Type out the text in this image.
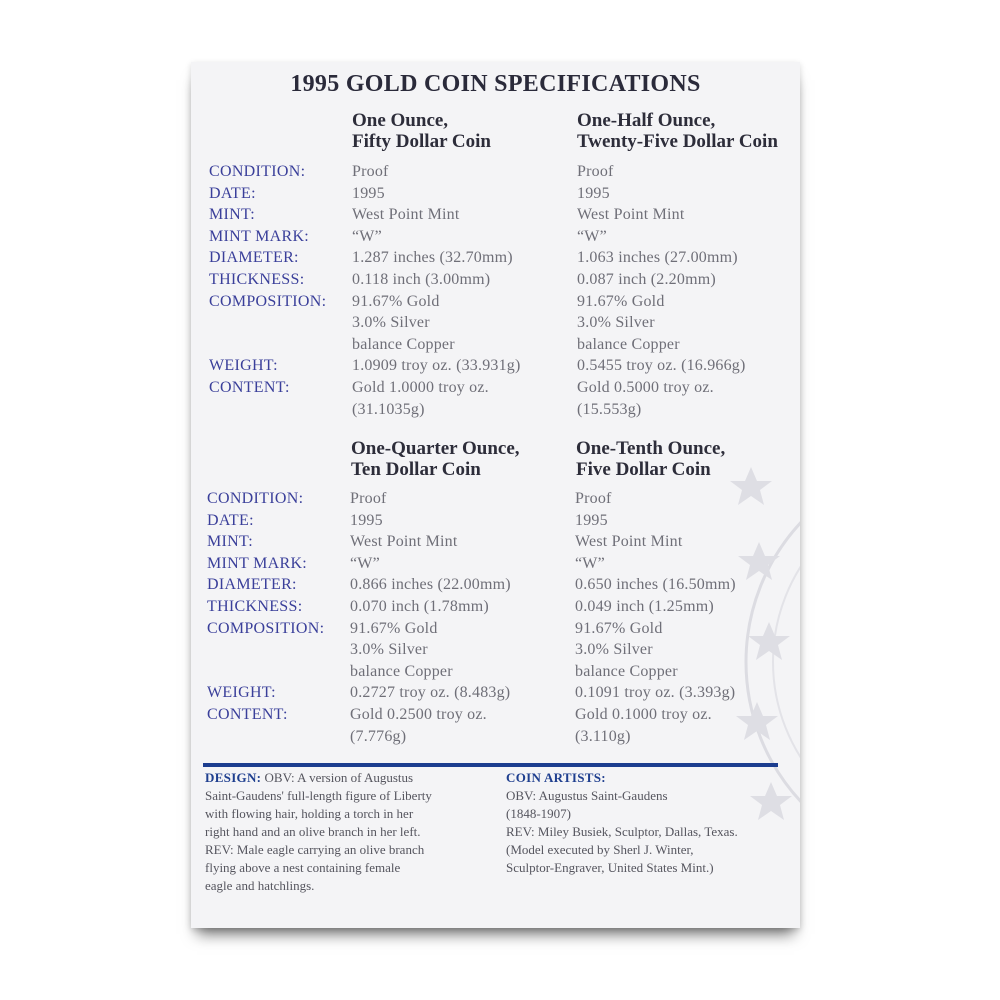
1995 GOLD COIN SPECIFICATIONS
One Ounce,
Fifty Dollar Coin
One-Half Ounce,
Twenty-Five Dollar Coin
CONDITION:
DATE:
MINT:
MINT MARK:
DIAMETER:
THICKNESS:
COMPOSITION:

WEIGHT:
CONTENT:
Proof
1995
West Point Mint
“W”
1.287 inches (32.70mm)
0.118 inch (3.00mm)
91.67% Gold
3.0% Silver
balance Copper
1.0909 troy oz. (33.931g)
Gold 1.0000 troy oz.
(31.1035g)
Proof
1995
West Point Mint
“W”
1.063 inches (27.00mm)
0.087 inch (2.20mm)
91.67% Gold
3.0% Silver
balance Copper
0.5455 troy oz. (16.966g)
Gold 0.5000 troy oz.
(15.553g)
One-Quarter Ounce,
Ten Dollar Coin
One-Tenth Ounce,
Five Dollar Coin
CONDITION:
DATE:
MINT:
MINT MARK:
DIAMETER:
THICKNESS:
COMPOSITION:

WEIGHT:
CONTENT:
Proof
1995
West Point Mint
“W”
0.866 inches (22.00mm)
0.070 inch (1.78mm)
91.67% Gold
3.0% Silver
balance Copper
0.2727 troy oz. (8.483g)
Gold 0.2500 troy oz.
(7.776g)
Proof
1995
West Point Mint
“W”
0.650 inches (16.50mm)
0.049 inch (1.25mm)
91.67% Gold
3.0% Silver
balance Copper
0.1091 troy oz. (3.393g)
Gold 0.1000 troy oz.
(3.110g)

DESIGN: OBV: A version of Augustus

Saint-Gaudens' full-length figure of Liberty

with flowing hair, holding a torch in her

right hand and an olive branch in her left.

REV: Male eagle carrying an olive branch

flying above a nest containing female

eagle and hatchlings.

COIN ARTISTS:

OBV: Augustus Saint-Gaudens

(1848-1907)

REV: Miley Busiek, Sculptor, Dallas, Texas.

(Model executed by Sherl J. Winter,

Sculptor-Engraver, United States Mint.)
